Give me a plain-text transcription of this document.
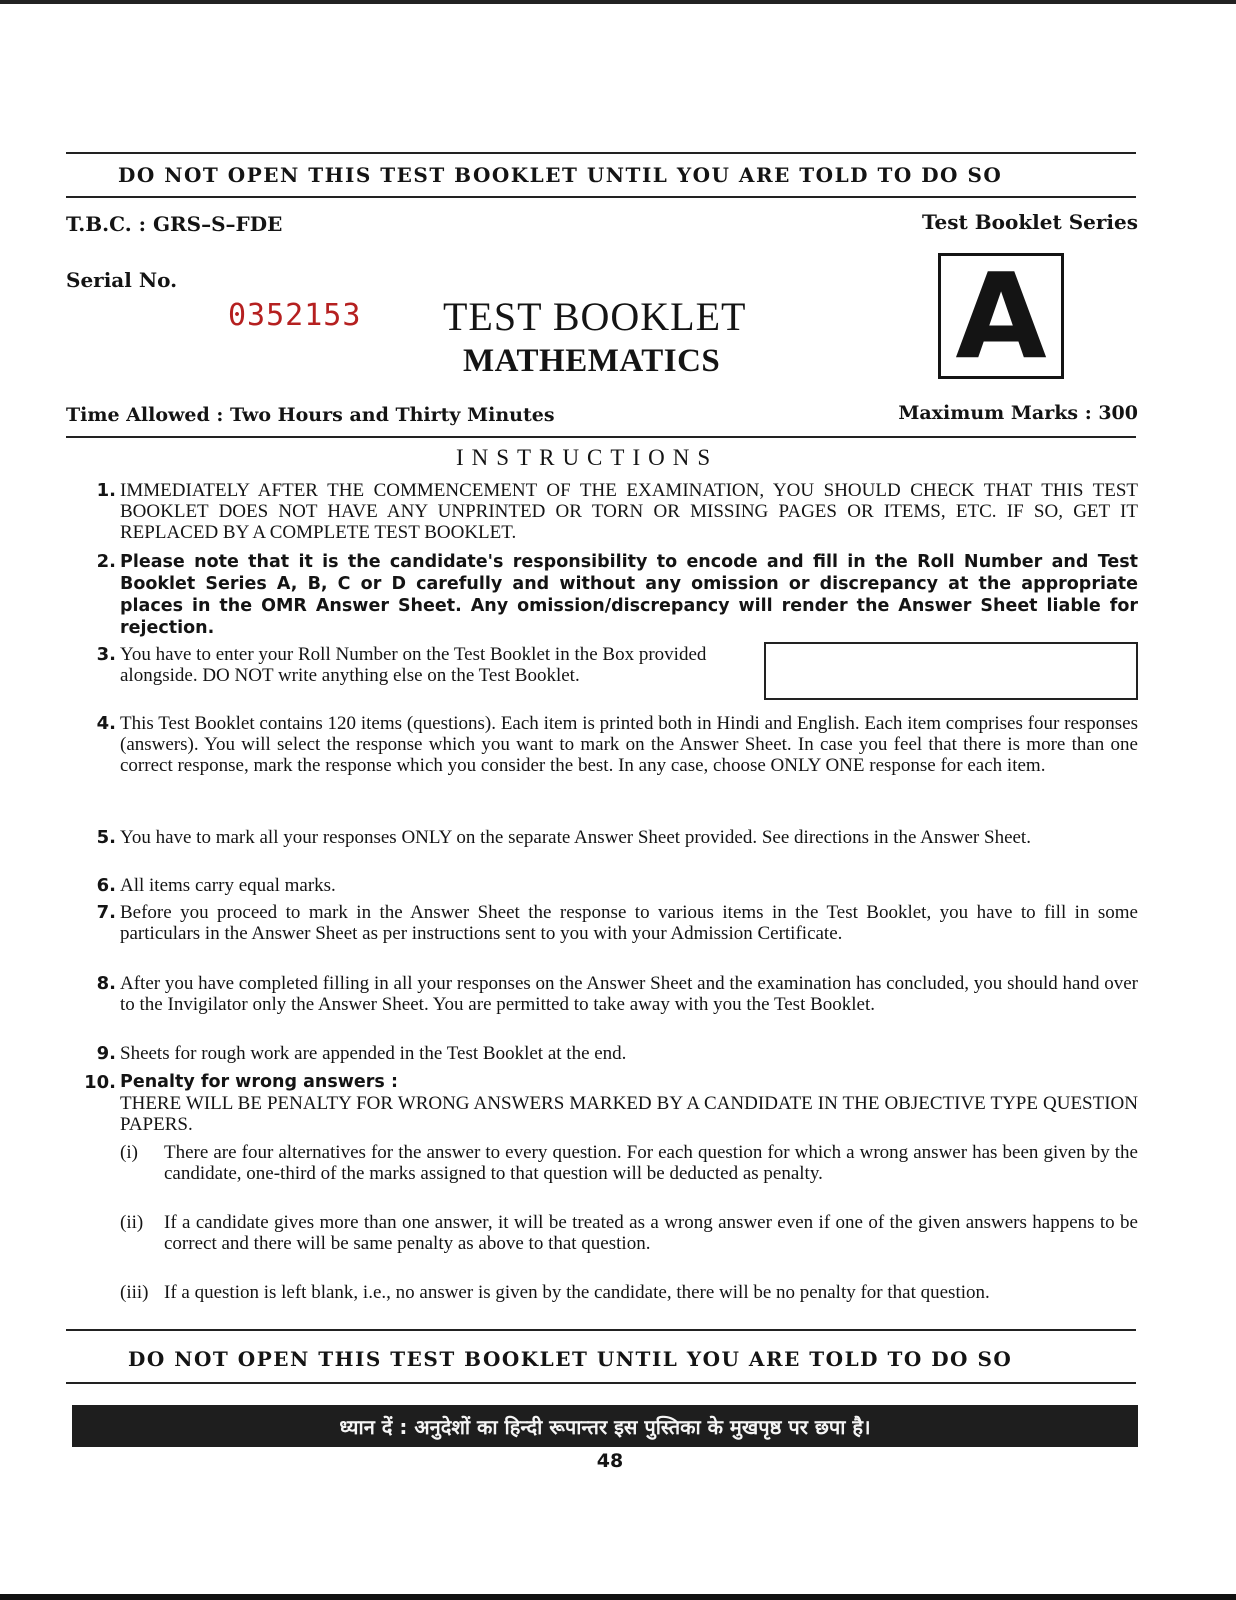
DO NOT OPEN THIS TEST BOOKLET UNTIL YOU ARE TOLD TO DO SO
T.B.C. : GRS–S–FDE	Test Booklet Series
A
Serial No.
0352153 TEST BOOKLET
MATHEMATICS
Time Allowed : Two Hours and Thirty Minutes	Maximum Marks : 300
INSTRUCTIONS
1. IMMEDIATELY AFTER THE COMMENCEMENT OF THE EXAMINATION, YOU SHOULD CHECK THAT THIS TEST BOOKLET DOES NOT HAVE ANY UNPRINTED OR TORN OR MISSING PAGES OR ITEMS, ETC. IF SO, GET IT REPLACED BY A COMPLETE TEST BOOKLET.
2. Please note that it is the candidate's responsibility to encode and fill in the Roll Number and Test Booklet Series A, B, C or D carefully and without any omission or discrepancy at the appropriate places in the OMR Answer Sheet. Any omission/discrepancy will render the Answer Sheet liable for rejection.
3. You have to enter your Roll Number on the Test Booklet in the Box provided alongside. DO NOT write anything else on the Test Booklet.
4. This Test Booklet contains 120 items (questions). Each item is printed both in Hindi and English. Each item comprises four responses (answers). You will select the response which you want to mark on the Answer Sheet. In case you feel that there is more than one correct response, mark the response which you consider the best. In any case, choose ONLY ONE response for each item.
5. You have to mark all your responses ONLY on the separate Answer Sheet provided. See directions in the Answer Sheet.
6. All items carry equal marks.
7. Before you proceed to mark in the Answer Sheet the response to various items in the Test Booklet, you have to fill in some particulars in the Answer Sheet as per instructions sent to you with your Admission Certificate.
8. After you have completed filling in all your responses on the Answer Sheet and the examination has concluded, you should hand over to the Invigilator only the Answer Sheet. You are permitted to take away with you the Test Booklet.
9. Sheets for rough work are appended in the Test Booklet at the end.
10. Penalty for wrong answers :
THERE WILL BE PENALTY FOR WRONG ANSWERS MARKED BY A CANDIDATE IN THE OBJECTIVE TYPE QUESTION PAPERS.
(i) There are four alternatives for the answer to every question. For each question for which a wrong answer has been given by the candidate, one-third of the marks assigned to that question will be deducted as penalty.
(ii) If a candidate gives more than one answer, it will be treated as a wrong answer even if one of the given answers happens to be correct and there will be same penalty as above to that question.
(iii) If a question is left blank, i.e., no answer is given by the candidate, there will be no penalty for that question.
DO NOT OPEN THIS TEST BOOKLET UNTIL YOU ARE TOLD TO DO SO
ध्यान दें : अनुदेशों का हिन्दी रूपान्तर इस पुस्तिका के मुखपृष्ठ पर छपा है।
48
